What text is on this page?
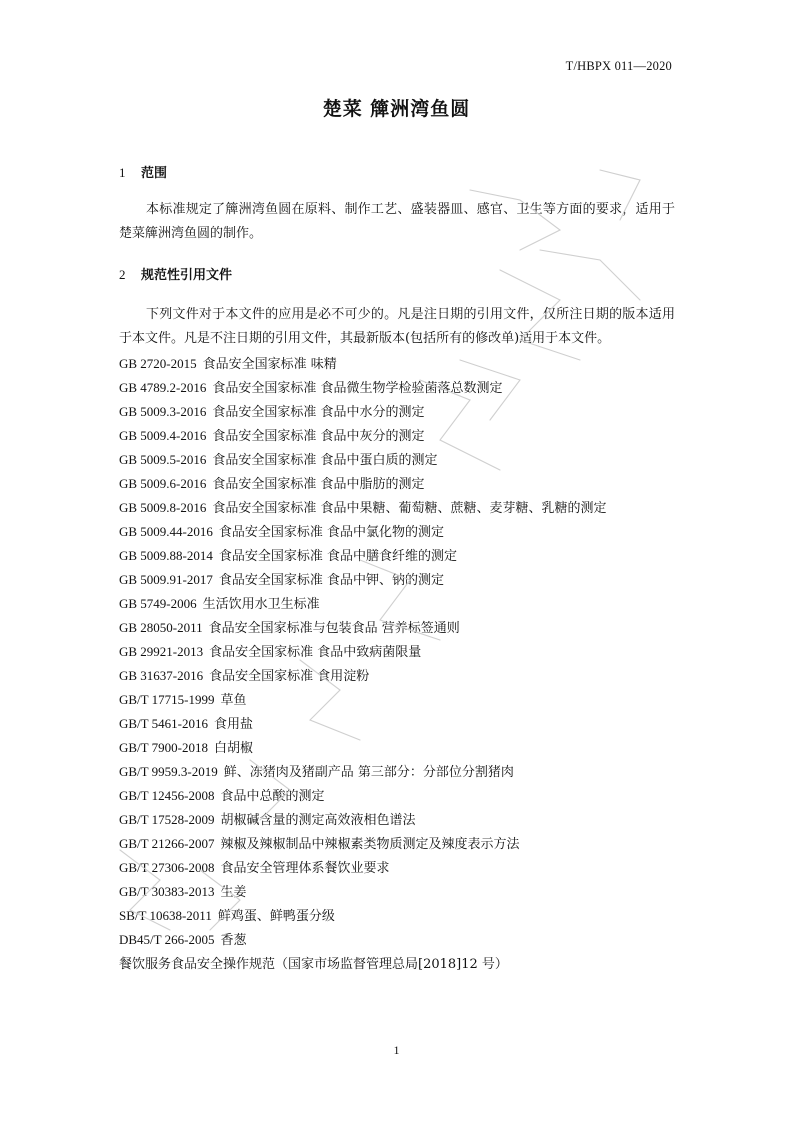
T/HBPX 011—2020
楚菜 簰洲湾鱼圆
1 范围
本标准规定了簰洲湾鱼圆在原料、制作工艺、盛装器皿、感官、卫生等方面的要求，适用于楚菜簰洲湾鱼圆的制作。
2 规范性引用文件
下列文件对于本文件的应用是必不可少的。凡是注日期的引用文件，仅所注日期的版本适用于本文件。凡是不注日期的引用文件，其最新版本(包括所有的修改单)适用于本文件。
GB 2720-2015 食品安全国家标准 味精
GB 4789.2-2016 食品安全国家标准 食品微生物学检验菌落总数测定
GB 5009.3-2016 食品安全国家标准 食品中水分的测定
GB 5009.4-2016 食品安全国家标准 食品中灰分的测定
GB 5009.5-2016 食品安全国家标准 食品中蛋白质的测定
GB 5009.6-2016 食品安全国家标准 食品中脂肪的测定
GB 5009.8-2016 食品安全国家标准 食品中果糖、葡萄糖、蔗糖、麦芽糖、乳糖的测定
GB 5009.44-2016 食品安全国家标准 食品中氯化物的测定
GB 5009.88-2014 食品安全国家标准 食品中膳食纤维的测定
GB 5009.91-2017 食品安全国家标准 食品中钾、钠的测定
GB 5749-2006 生活饮用水卫生标准
GB 28050-2011 食品安全国家标准与包装食品 营养标签通则
GB 29921-2013 食品安全国家标准 食品中致病菌限量
GB 31637-2016 食品安全国家标准 食用淀粉
GB/T 17715-1999 草鱼
GB/T 5461-2016 食用盐
GB/T 7900-2018 白胡椒
GB/T 9959.3-2019 鲜、冻猪肉及猪副产品 第三部分：分部位分割猪肉
GB/T 12456-2008 食品中总酸的测定
GB/T 17528-2009 胡椒碱含量的测定高效液相色谱法
GB/T 21266-2007 辣椒及辣椒制品中辣椒素类物质测定及辣度表示方法
GB/T 27306-2008 食品安全管理体系餐饮业要求
GB/T 30383-2013 生姜
SB/T 10638-2011 鲜鸡蛋、鲜鸭蛋分级
DB45/T 266-2005 香葱
餐饮服务食品安全操作规范（国家市场监督管理总局[2018]12 号）
1
